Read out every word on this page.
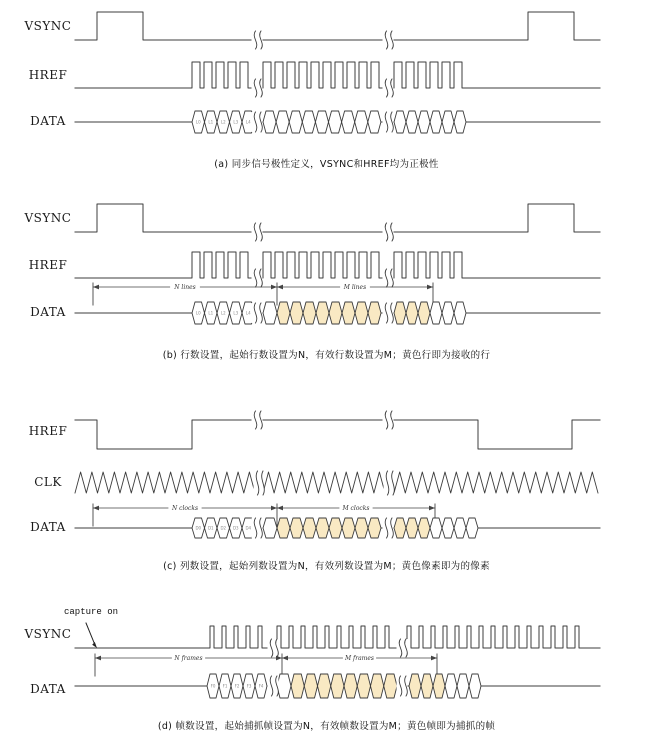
L0 L1 L2 L3 L4
VSYNC
HREF
DATA
(a) 同步信号极性定义，VSYNC和HREF均为正极性
N lines	M lines
L0 L1 L2 L3 L4
VSYNC
HREF
DATA
(b) 行数设置，起始行数设置为N，有效行数设置为M；黄色行即为接收的行
N clocks	M clocks
D0 D1 D2 D3 D4
HREF
CLK
DATA
(c) 列数设置，起始列数设置为N，有效列数设置为M；黄色像素即为的像素
N frames	M frames
F0 F1 F2 F3 F4
capture on
VSYNC
DATA
(d) 帧数设置，起始捕抓帧设置为N，有效帧数设置为M；黄色帧即为捕抓的帧
